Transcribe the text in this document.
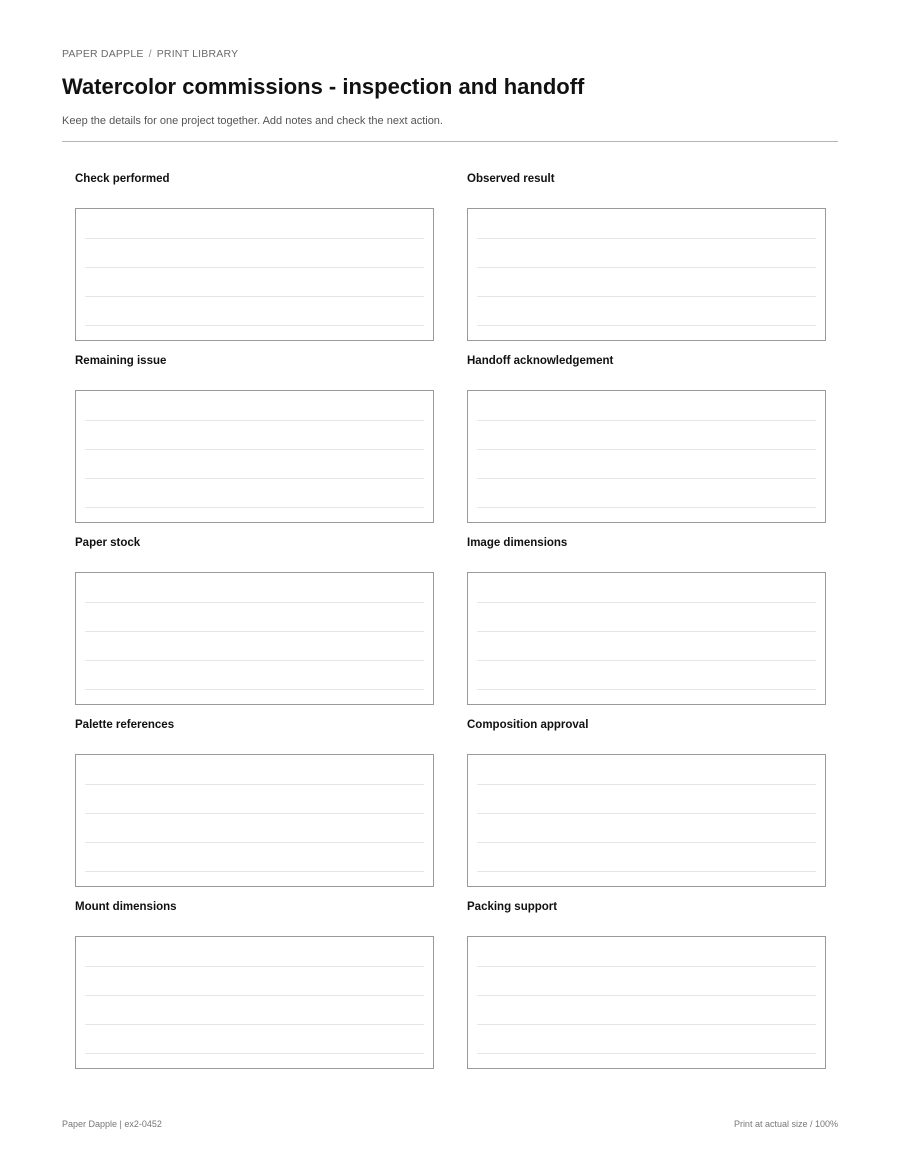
PAPER DAPPLE / PRINT LIBRARY
Watercolor commissions - inspection and handoff
Keep the details for one project together. Add notes and check the next action.
Check performed	Observed result
Remaining issue	Handoff acknowledgement
Paper stock	Image dimensions
Palette references	Composition approval
Mount dimensions	Packing support
Paper Dapple | ex2-0452	Print at actual size / 100%
